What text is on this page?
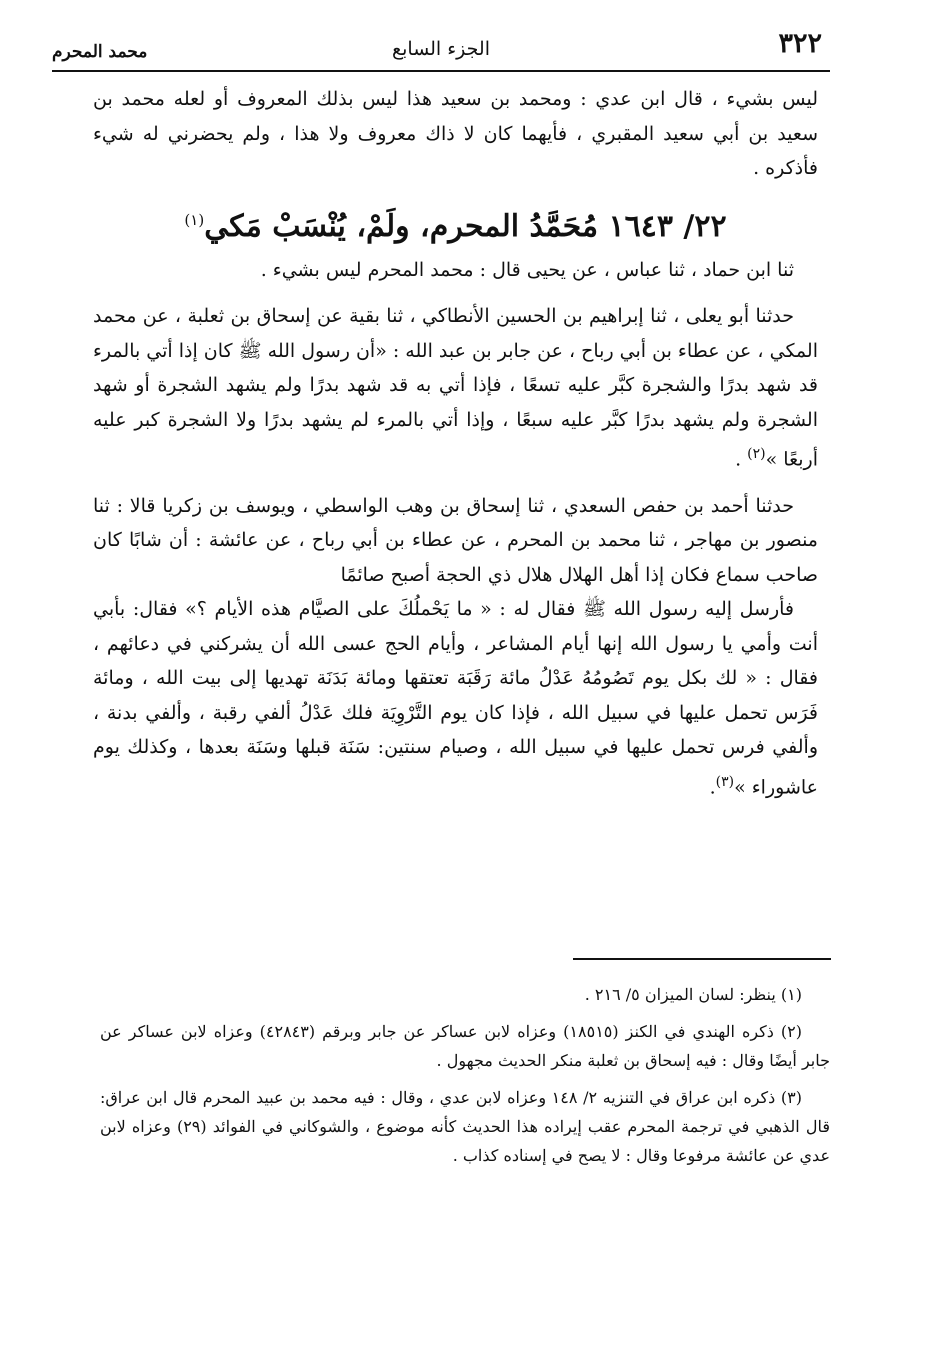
٣٢٢
الجزء السابع
محمد المحرم

ليس بشيء ، قال ابن عدي : ومحمد بن سعيد هذا ليس بذلك المعروف أو لعله محمد بن سعيد بن أبي سعيد المقبري ، فأيهما كان لا ذاك معروف ولا هذا ، ولم يحضرني له شيء فأذكره .

٢٢/ ١٦٤٣ مُحَمَّدُ المحرم، ولَمْ، يُنْسَبْ مَكي$^{(١)}$

ثنا ابن حماد ، ثنا عباس ، عن يحيى قال : محمد المحرم ليس بشيء .

حدثنا أبو يعلى ، ثنا إبراهيم بن الحسين الأنطاكي ، ثنا بقية عن إسحاق بن ثعلبة ، عن محمد المكي ، عن عطاء بن أبي رباح ، عن جابر بن عبد الله : «أن رسول الله ﷺ كان إذا أتي بالمرء قد شهد بدرًا والشجرة كبَّر عليه تسعًا ، فإذا أتي به قد شهد بدرًا ولم يشهد الشجرة أو شهد الشجرة ولم يشهد بدرًا كبَّر عليه سبعًا ، وإذا أتي بالمرء لم يشهد بدرًا ولا الشجرة كبر عليه أربعًا »$^{(٢)}$ .

حدثنا أحمد بن حفص السعدي ، ثنا إسحاق بن وهب الواسطي ، ويوسف بن زكريا قالا : ثنا منصور بن مهاجر ، ثنا محمد بن المحرم ، عن عطاء بن أبي رباح ، عن عائشة : أن شابًا كان صاحب سماع فكان إذا أهل الهلال هلال ذي الحجة أصبح صائمًا

فأرسل إليه رسول الله ﷺ فقال له : « ما يَحْملُكَ على الصيَّام هذه الأيام ؟» فقال: بأبي أنت وأمي يا رسول الله إنها أيام المشاعر ، وأيام الحج عسى الله أن يشركني في دعائهم ، فقال : « لك بكل يوم تَصُومُهُ عَدْلُ مائة رَقَبَة تعتقها ومائة بَدَنَة تهديها إلى بيت الله ، ومائة فَرَس تحمل عليها في سبيل الله ، فإذا كان يوم التَّرْوِيَة فلك عَدْلُ ألفي رقبة ، وألفي بدنة ، وألفي فرس تحمل عليها في سبيل الله ، وصيام سنتين: سَنَة قبلها وسَنَة بعدها ، وكذلك يوم عاشوراء »$^{(٣)}$.

(١) ينظر: لسان الميزان ٥/ ٢١٦ .

(٢) ذكره الهندي في الكنز (١٨٥١٥) وعزاه لابن عساكر عن جابر وبرقم (٤٢٨٤٣) وعزاه لابن عساكر عن جابر أيضًا وقال : فيه إسحاق بن ثعلبة منكر الحديث مجهول .

(٣) ذكره ابن عراق في التنزيه ٢/ ١٤٨ وعزاه لابن عدي ، وقال : فيه محمد بن عبيد المحرم قال ابن عراق: قال الذهبي في ترجمة المحرم عقب إيراده هذا الحديث كأنه موضوع ، والشوكاني في الفوائد (٢٩) وعزاه لابن عدي عن عائشة مرفوعا وقال : لا يصح في إسناده كذاب .
